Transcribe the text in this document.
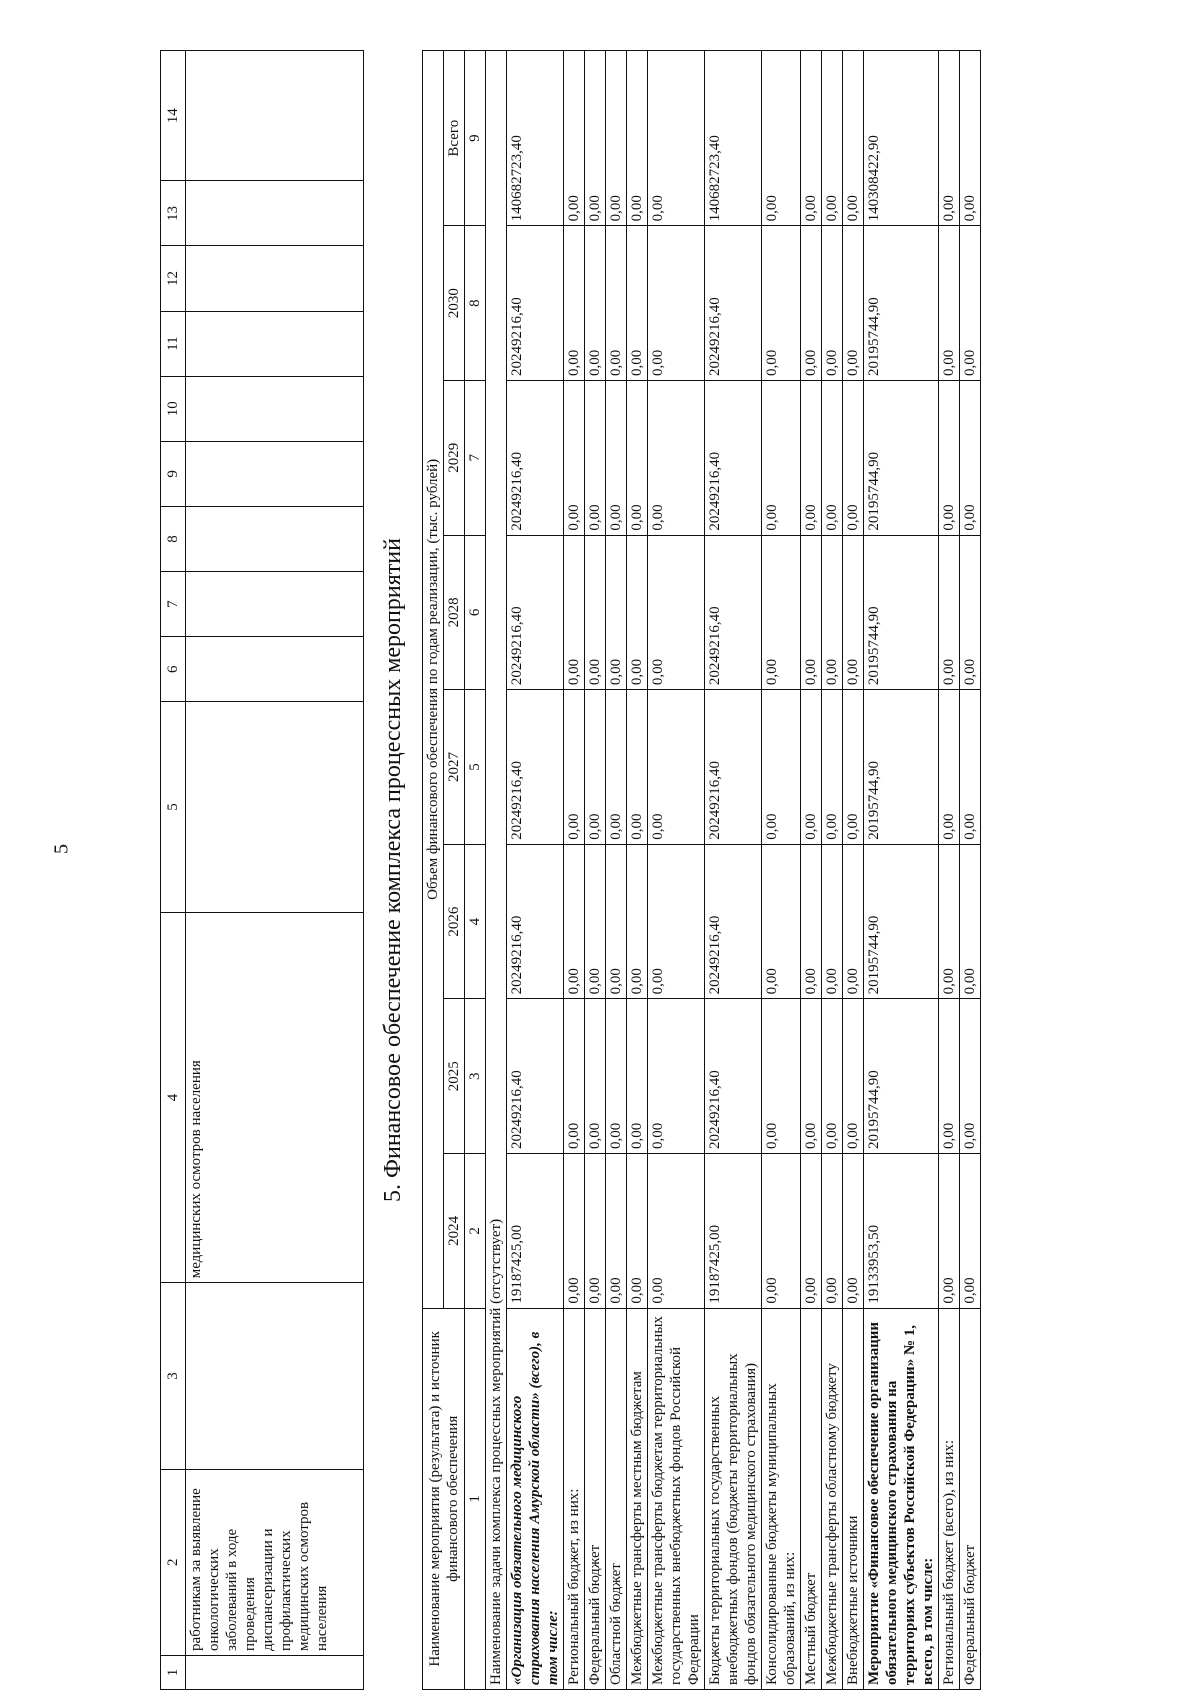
5
1	2	3	4	5	6	7	8	9	10	11	12	13	14
	работникам за выявление онкологических заболеваний в ходе проведения диспансеризации и профилактических медицинских осмотров населения		медицинских осмотров населения											5. Финансовое обеспечение комплекса процессных мероприятий
Наименование мероприятия (результата) и источник финансового обеспечения	Объем финансового обеспечения по годам реализации, (тыс. рублей)							
	2024	2025	2026	2027	2028	2029	2030	Всего
1	2	3	4	5	6	7	8	9
Наименование задачи комплекса процессных мероприятий (отсутствует)								
«Организация обязательного медицинского страхования населения Амурской области» (всего), в том числе:	19187425,00	20249216,40	20249216,40	20249216,40	20249216,40	20249216,40	20249216,40	140682723,40
Региональный бюджет, из них:	0,00	0,00	0,00	0,00	0,00	0,00	0,00	0,00
Федеральный бюджет	0,00	0,00	0,00	0,00	0,00	0,00	0,00	0,00
Областной бюджет	0,00	0,00	0,00	0,00	0,00	0,00	0,00	0,00
Межбюджетные трансферты местным бюджетам	0,00	0,00	0,00	0,00	0,00	0,00	0,00	0,00
Межбюджетные трансферты бюджетам территориальных государственных внебюджетных фондов Российской Федерации	0,00	0,00	0,00	0,00	0,00	0,00	0,00	0,00
Бюджеты территориальных государственных внебюджетных фондов (бюджеты территориальных фондов обязательного медицинского страхования)	19187425,00	20249216,40	20249216,40	20249216,40	20249216,40	20249216,40	20249216,40	140682723,40
Консолидированные бюджеты муниципальных образований, из них:	0,00	0,00	0,00	0,00	0,00	0,00	0,00	0,00
Местный бюджет	0,00	0,00	0,00	0,00	0,00	0,00	0,00	0,00
Межбюджетные трансферты областному бюджету	0,00	0,00	0,00	0,00	0,00	0,00	0,00	0,00
Внебюджетные источники	0,00	0,00	0,00	0,00	0,00	0,00	0,00	0,00
Мероприятие «Финансовое обеспечение организации обязательного медицинского страхования на территориях субъектов Российской Федерации» № 1, всего, в том числе:	19133953,50	20195744,90	20195744,90	20195744,90	20195744,90	20195744,90	20195744,90	140308422,90
Региональный бюджет (всего), из них:	0,00	0,00	0,00	0,00	0,00	0,00	0,00	0,00
Федеральный бюджет	0,00	0,00	0,00	0,00	0,00	0,00	0,00	0,00
